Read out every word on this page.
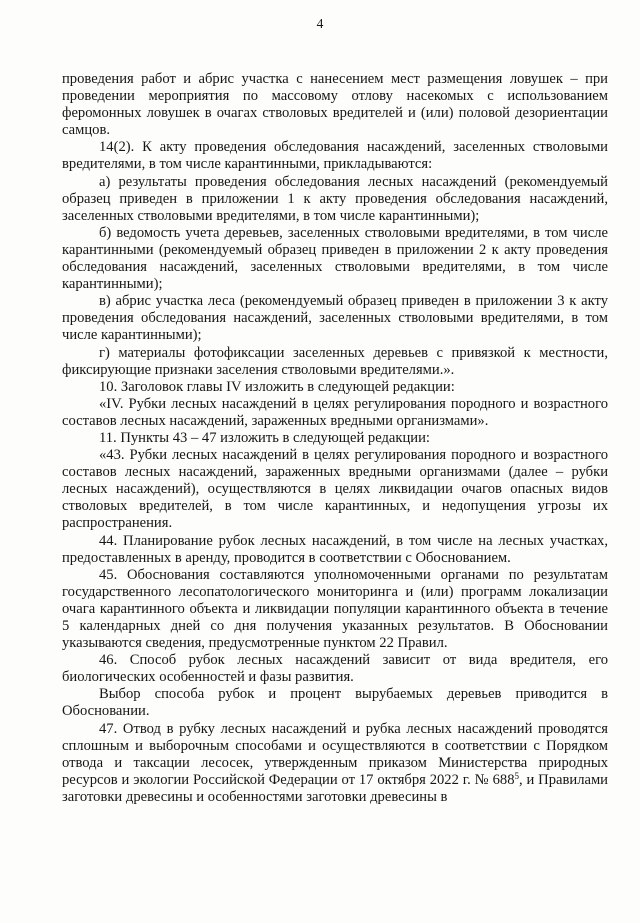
4

проведения работ и абрис участка с нанесением мест размещения ловушек – при проведении мероприятия по массовому отлову насекомых с использованием феромонных ловушек в очагах стволовых вредителей и (или) половой дезориентации самцов.

14(2). К акту проведения обследования насаждений, заселенных стволовыми вредителями, в том числе карантинными, прикладываются:

а) результаты проведения обследования лесных насаждений (рекомендуемый образец приведен в приложении 1 к акту проведения обследования насаждений, заселенных стволовыми вредителями, в том числе карантинными);

б) ведомость учета деревьев, заселенных стволовыми вредителями, в том числе карантинными (рекомендуемый образец приведен в приложении 2 к акту проведения обследования насаждений, заселенных стволовыми вредителями, в том числе карантинными);

в) абрис участка леса (рекомендуемый образец приведен в приложении 3 к акту проведения обследования насаждений, заселенных стволовыми вредителями, в том числе карантинными);

г) материалы фотофиксации заселенных деревьев с привязкой к местности, фиксирующие признаки заселения стволовыми вредителями.».

10. Заголовок главы IV изложить в следующей редакции:

«IV. Рубки лесных насаждений в целях регулирования породного и возрастного составов лесных насаждений, зараженных вредными организмами».

11. Пункты 43 – 47 изложить в следующей редакции:

«43. Рубки лесных насаждений в целях регулирования породного и возрастного составов лесных насаждений, зараженных вредными организмами (далее – рубки лесных насаждений), осуществляются в целях ликвидации очагов опасных видов стволовых вредителей, в том числе карантинных, и недопущения угрозы их распространения.

44. Планирование рубок лесных насаждений, в том числе на лесных участках, предоставленных в аренду, проводится в соответствии с Обоснованием.

45. Обоснования составляются уполномоченными органами по результатам государственного лесопатологического мониторинга и (или) программ локализации очага карантинного объекта и ликвидации популяции карантинного объекта в течение 5 календарных дней со дня получения указанных результатов. В Обосновании указываются сведения, предусмотренные пунктом 22 Правил.

46. Способ рубок лесных насаждений зависит от вида вредителя, его биологических особенностей и фазы развития.

Выбор способа рубок и процент вырубаемых деревьев приводится в Обосновании.

47. Отвод в рубку лесных насаждений и рубка лесных насаждений проводятся сплошным и выборочным способами и осуществляются в соответствии с Порядком отвода и таксации лесосек, утвержденным приказом Министерства природных ресурсов и экологии Российской Федерации от 17 октября 2022 г. № $688^5$, и Правилами заготовки древесины и особенностями заготовки древесины в
